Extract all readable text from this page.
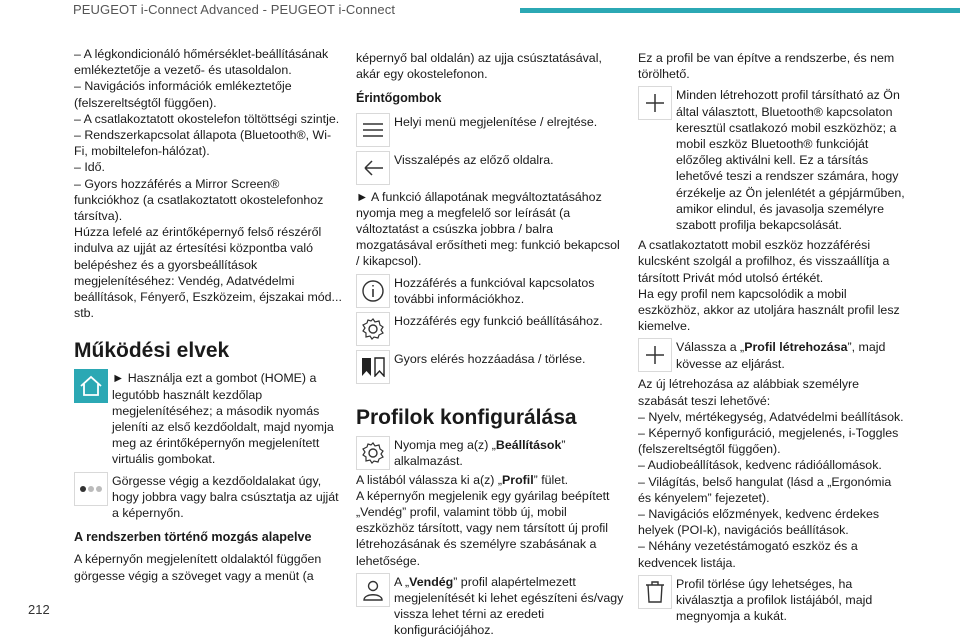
PEUGEOT i-Connect Advanced - PEUGEOT i-Connect

– A légkondicionáló hőmérséklet-beállításának emlékeztetője a vezető- és utasoldalon.

– Navigációs információk emlékeztetője (felszereltségtől függően).

– A csatlakoztatott okostelefon töltöttségi szintje.

– Rendszerkapcsolat állapota (Bluetooth®, Wi-Fi, mobiltelefon-hálózat).

– Idő.

– Gyors hozzáférés a Mirror Screen® funkciókhoz (a csatlakoztatott okostelefonhoz társítva).

Húzza lefelé az érintőképernyő felső részéről indulva az ujját az értesítési központba való belépéshez és a gyorsbeállítások megjelenítéséhez: Vendég, Adatvédelmi beállítások, Fényerő, Eszközeim, éjszakai mód... stb.

Működési elvek
► Használja ezt a gombot (HOME) a legutóbb használt kezdőlap megjelenítéséhez; a második nyomás jeleníti az első kezdőoldalt, majd nyomja meg az érintőképernyőn megjelenített virtuális gombokat.
Görgesse végig a kezdőoldalakat úgy, hogy jobbra vagy balra csúsztatja az ujját a képernyőn.
A rendszerben történő mozgás alapelve

A képernyőn megjelenített oldalaktól függően görgesse végig a szöveget vagy a menüt (a

képernyő bal oldalán) az ujja csúsztatásával, akár egy okostelefonon.

Érintőgombok
Helyi menü megjelenítése / elrejtése.
Visszalépés az előző oldalra.

► A funkció állapotának megváltoztatásához nyomja meg a megfelelő sor leírását (a változtatást a csúszka jobbra / balra mozgatásával erősítheti meg: funkció bekapcsol / kikapcsol).

Hozzáférés a funkcióval kapcsolatos további információkhoz.
Hozzáférés egy funkció beállításához.
Gyors elérés hozzáadása / törlése.
Profilok konfigurálása
Nyomja meg a(z) „Beállítások” alkalmazást.

A listából válassza ki a(z) „Profil” fület.

A képernyőn megjelenik egy gyárilag beépített „Vendég” profil, valamint több új, mobil eszközhöz társított, vagy nem társított új profil létrehozásának és személyre szabásának a lehetősége.

A „Vendég” profil alapértelmezett megjelenítését ki lehet egészíteni és/vagy vissza lehet térni az eredeti konfigurációjához.

Ez a profil be van építve a rendszerbe, és nem törölhető.

Minden létrehozott profil társítható az Ön által választott, Bluetooth® kapcsolaton keresztül csatlakozó mobil eszközhöz; a mobil eszköz Bluetooth® funkcióját előzőleg aktiválni kell. Ez a társítás lehetővé teszi a rendszer számára, hogy érzékelje az Ön jelenlétét a gépjárműben, amikor elindul, és javasolja személyre szabott profilja bekapcsolását.

A csatlakoztatott mobil eszköz hozzáférési kulcsként szolgál a profilhoz, és visszaállítja a társított Privát mód utolsó értékét.

Ha egy profil nem kapcsolódik a mobil eszközhöz, akkor az utoljára használt profil lesz kiemelve.

Válassza a „Profil létrehozása”, majd kövesse az eljárást.

Az új létrehozása az alábbiak személyre szabását teszi lehetővé:

– Nyelv, mértékegység, Adatvédelmi beállítások.

– Képernyő konfiguráció, megjelenés, i-Toggles (felszereltségtől függően).

– Audiobeállítások, kedvenc rádióállomások.

– Világítás, belső hangulat (lásd a „Ergonómia és kényelem” fejezetet).

– Navigációs előzmények, kedvenc érdekes helyek (POI-k), navigációs beállítások.

– Néhány vezetéstámogató eszköz és a kedvencek listája.

Profil törlése úgy lehetséges, ha kiválasztja a profilok listájából, majd megnyomja a kukát.
212
